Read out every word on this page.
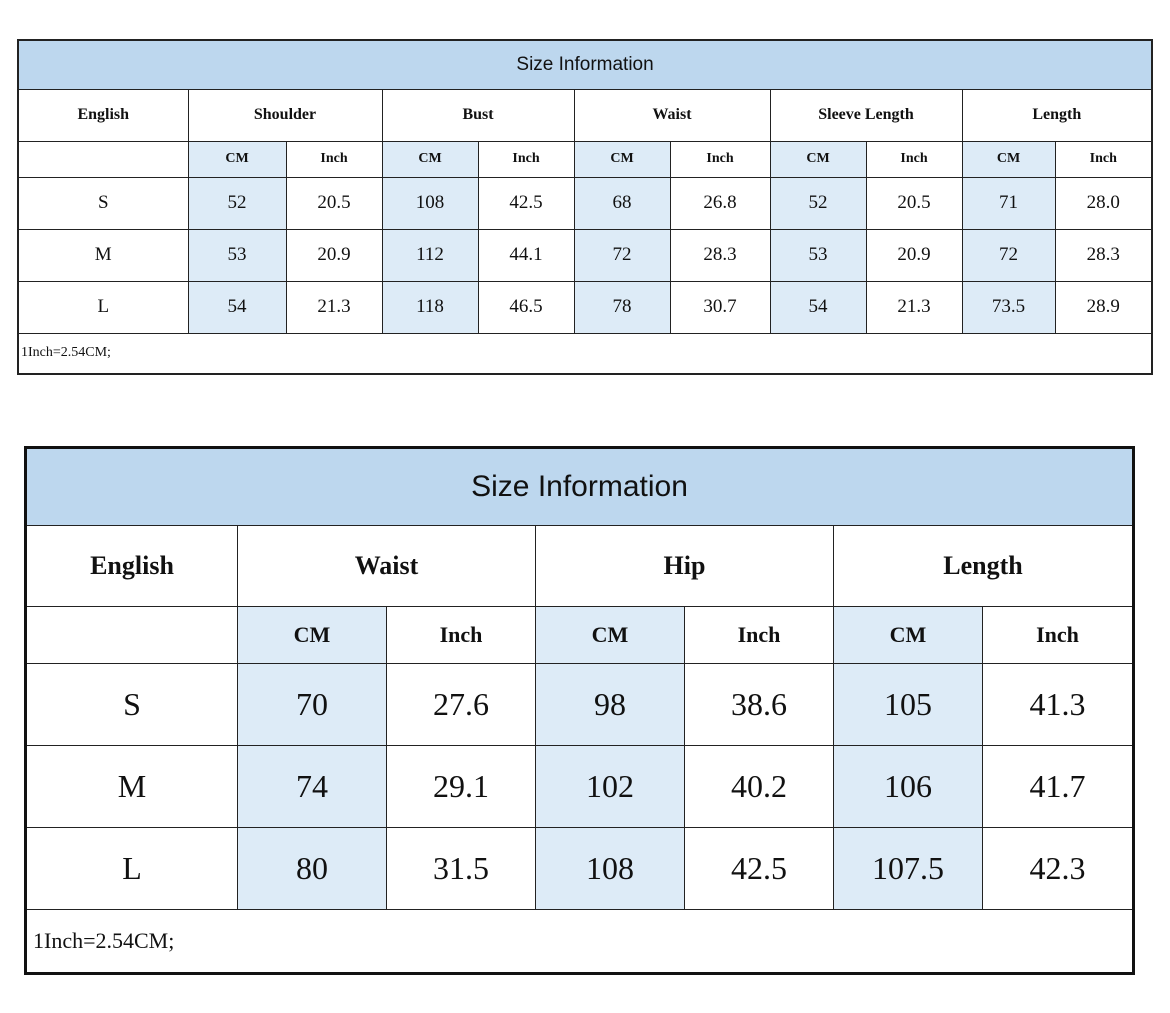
Size Information										
English	Shoulder		Bust		Waist		Sleeve Length		Length	
	CM	Inch	CM	Inch	CM	Inch	CM	Inch	CM	Inch
S	52	20.5	108	42.5	68	26.8	52	20.5	71	28.0
M	53	20.9	112	44.1	72	28.3	53	20.9	72	28.3
L	54	21.3	118	46.5	78	30.7	54	21.3	73.5	28.9
1Inch=2.54CM;										
Size Information						
English	Waist		Hip		Length	
	CM	Inch	CM	Inch	CM	Inch
S	70	27.6	98	38.6	105	41.3
M	74	29.1	102	40.2	106	41.7
L	80	31.5	108	42.5	107.5	42.3
1Inch=2.54CM;						
